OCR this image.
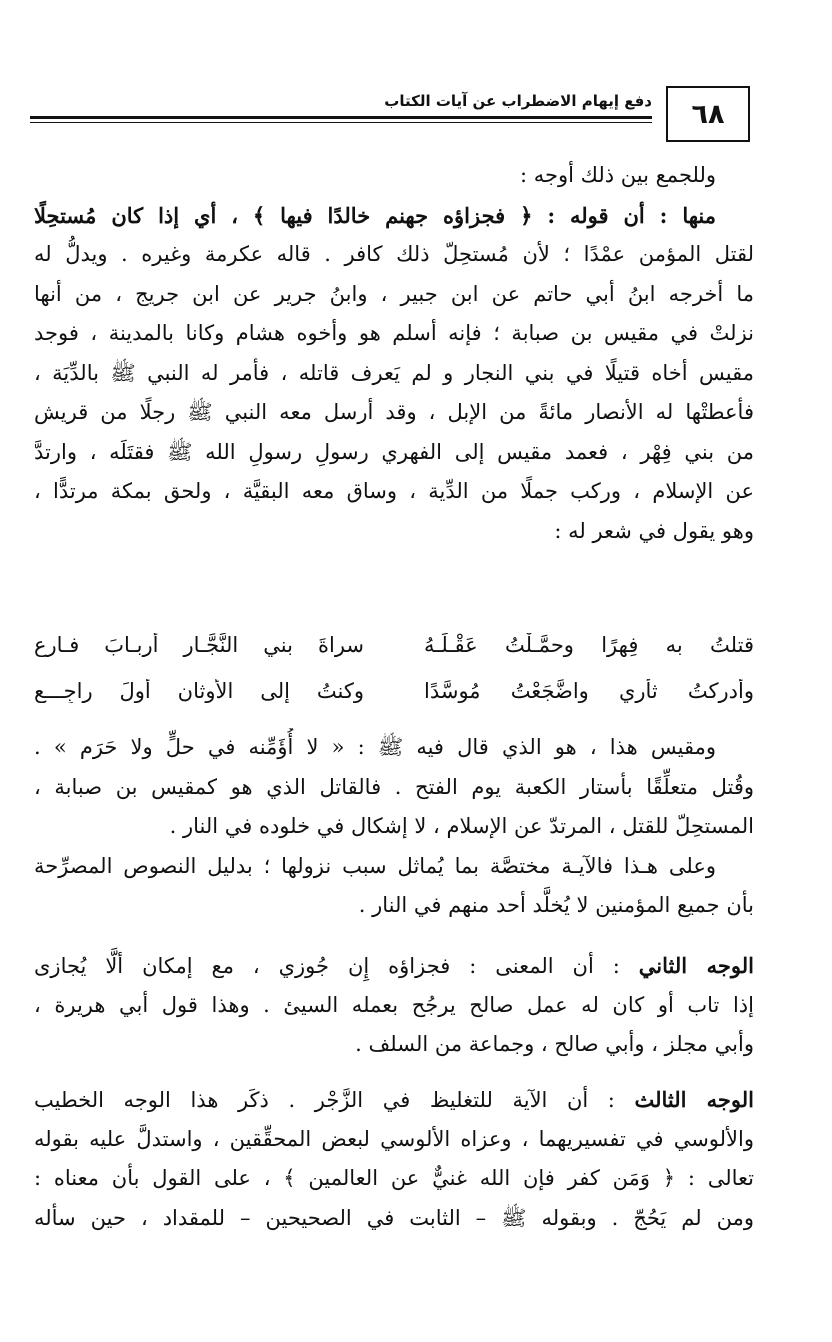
دفع إيهام الاضطراب عن آيات الكتاب	٦٨
وللجمع بين ذلك أوجه :
منها : أن قوله : ﴿ فجزاؤه جهنم خالدًا فيها ﴾ ، أي إذا كان مُستحِلًا
لقتل المؤمن عمْدًا ؛ لأن مُستحِلّ ذلك كافر . قاله عكرمة وغيره . ويدلُّ له
ما أخرجه ابنُ أبي حاتم عن ابن جبير ، وابنُ جرير عن ابن جريج ، من أنها
نزلتْ في مقيس بن صبابة ؛ فإنه أسلم هو وأخوه هشام وكانا بالمدينة ، فوجد
مقيس أخاه قتيلًا في بني النجار و لم يَعرف قاتله ، فأمر له النبي ﷺ بالدِّيَة ،
فأعطتْها له الأنصار مائةً من الإبل ، وقد أرسل معه النبي ﷺ رجلًا من قريش
من بني فِهْر ، فعمد مقيس إلى الفهري رسولِ رسولِ الله ﷺ فقتَلَه ، وارتدَّ
عن الإسلام ، وركب جملًا من الدِّية ، وساق معه البقيَّة ، ولحق بمكة مرتدًّا ،
وهو يقول في شعر له :
قتلتُ به فِهرًا وحمَّـلْتُ عَقْـلَـهُ
سراةَ بني النَّجَّـارِ أربـابَ فـارِعِ
وأدركتُ ثأري واضَّجَعْتُ مُوسَّدًا
وكنتُ إلى الأوثانِ أولَ راجِـــعِ
ومقيس هذا ، هو الذي قال فيه ﷺ : « لا أُؤَمِّنه في حلٍّ ولا حَرَم » .
وقُتل متعلِّقًا بأستار الكعبة يوم الفتح . فالقاتل الذي هو كمقيس بن صبابة ،
المستحِلّ للقتل ، المرتدّ عن الإسلام ، لا إشكال في خلوده في النار .
وعلى هـذا فالآيـة مختصَّة بما يُماثل سبب نزولها ؛ بدليل النصوص المصرِّحة
بأن جميع المؤمنين لا يُخلَّد أحد منهم في النار .
الوجه الثاني : أن المعنى : فجزاؤه إِن جُوزي ، مع إمكان ألَّا يُجازى
إذا تاب أو كان له عمل صالح يرجُح بعمله السيئ . وهذا قول أبي هريرة ،
وأبي مجلز ، وأبي صالح ، وجماعة من السلف .
الوجه الثالث : أن الآية للتغليظ في الزَّجْر . ذكَر هذا الوجه الخطيب
والألوسي في تفسيريهما ، وعزاه الألوسي لبعض المحقِّقين ، واستدلَّ عليه بقوله
تعالى : ﴿ وَمَن كفر فإن الله غنيٌّ عن العالمين ﴾ ، على القول بأن معناه :
ومن لم يَحُجّ . وبقوله ﷺ – الثابت في الصحيحين – للمقداد ، حين سأله
